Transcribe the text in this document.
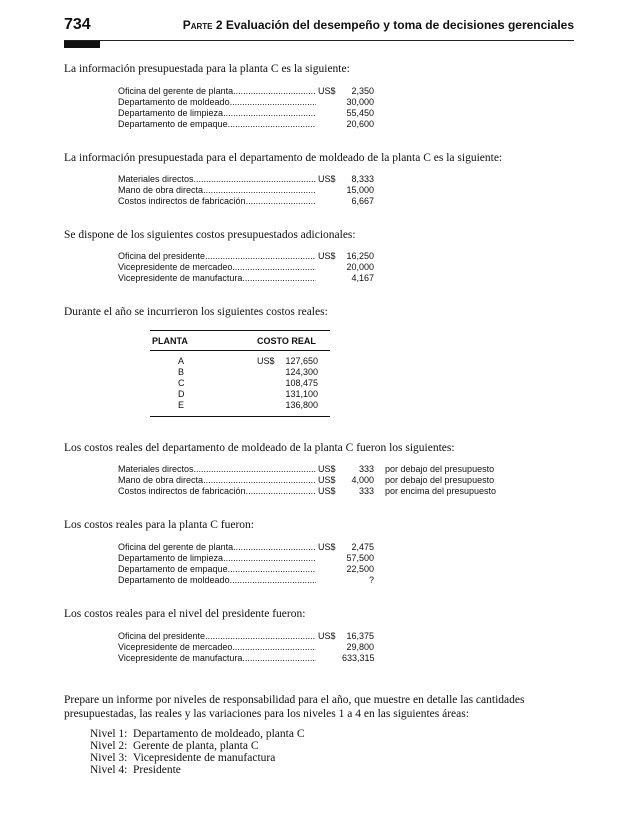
734	Parte 2 Evaluación del desempeño y toma de decisiones gerenciales
La información presupuestada para la planta C es la siguiente:
Oficina del gerente de planta .....	US$	2,350
Departamento de moldeado .....	30,000
Departamento de limpieza .....	55,450
Departamento de empaque .....	20,600
La información presupuestada para el departamento de moldeado de la planta C es la siguiente:
Materiales directos .....	US$	8,333
Mano de obra directa .....	15,000
Costos indirectos de fabricación .....	6,667
Se dispone de los siguientes costos presupuestados adicionales:
Oficina del presidente .....	US$	16,250
Vicepresidente de mercadeo .....	20,000
Vicepresidente de manufactura .....	4,167
Durante el año se incurrieron los siguientes costos reales:
PLANTA	COSTO REAL
A	US$	127,650
B	124,300
C	108,475
D	131,100
E	136,800
Los costos reales del departamento de moldeado de la planta C fueron los siguientes:
Materiales directos .....	US$	333 por debajo del presupuesto
Mano de obra directa .....	US$	4,000 por debajo del presupuesto
Costos indirectos de fabricación .....	US$	333 por encima del presupuesto
Los costos reales para la planta C fueron:
Oficina del gerente de planta .....	US$	2,475
Departamento de limpieza .....	57,500
Departamento de empaque .....	22,500
Departamento de moldeado .....	?
Los costos reales para el nivel del presidente fueron:
Oficina del presidente .....	US$	16,375
Vicepresidente de mercadeo .....	29,800
Vicepresidente de manufactura .....	633,315
Prepare un informe por niveles de responsabilidad para el año, que muestre en detalle las cantidades presupuestadas, las reales y las variaciones para los niveles 1 a 4 en las siguientes áreas:
Nivel 1: Departamento de moldeado, planta C
Nivel 2: Gerente de planta, planta C
Nivel 3: Vicepresidente de manufactura
Nivel 4: Presidente
